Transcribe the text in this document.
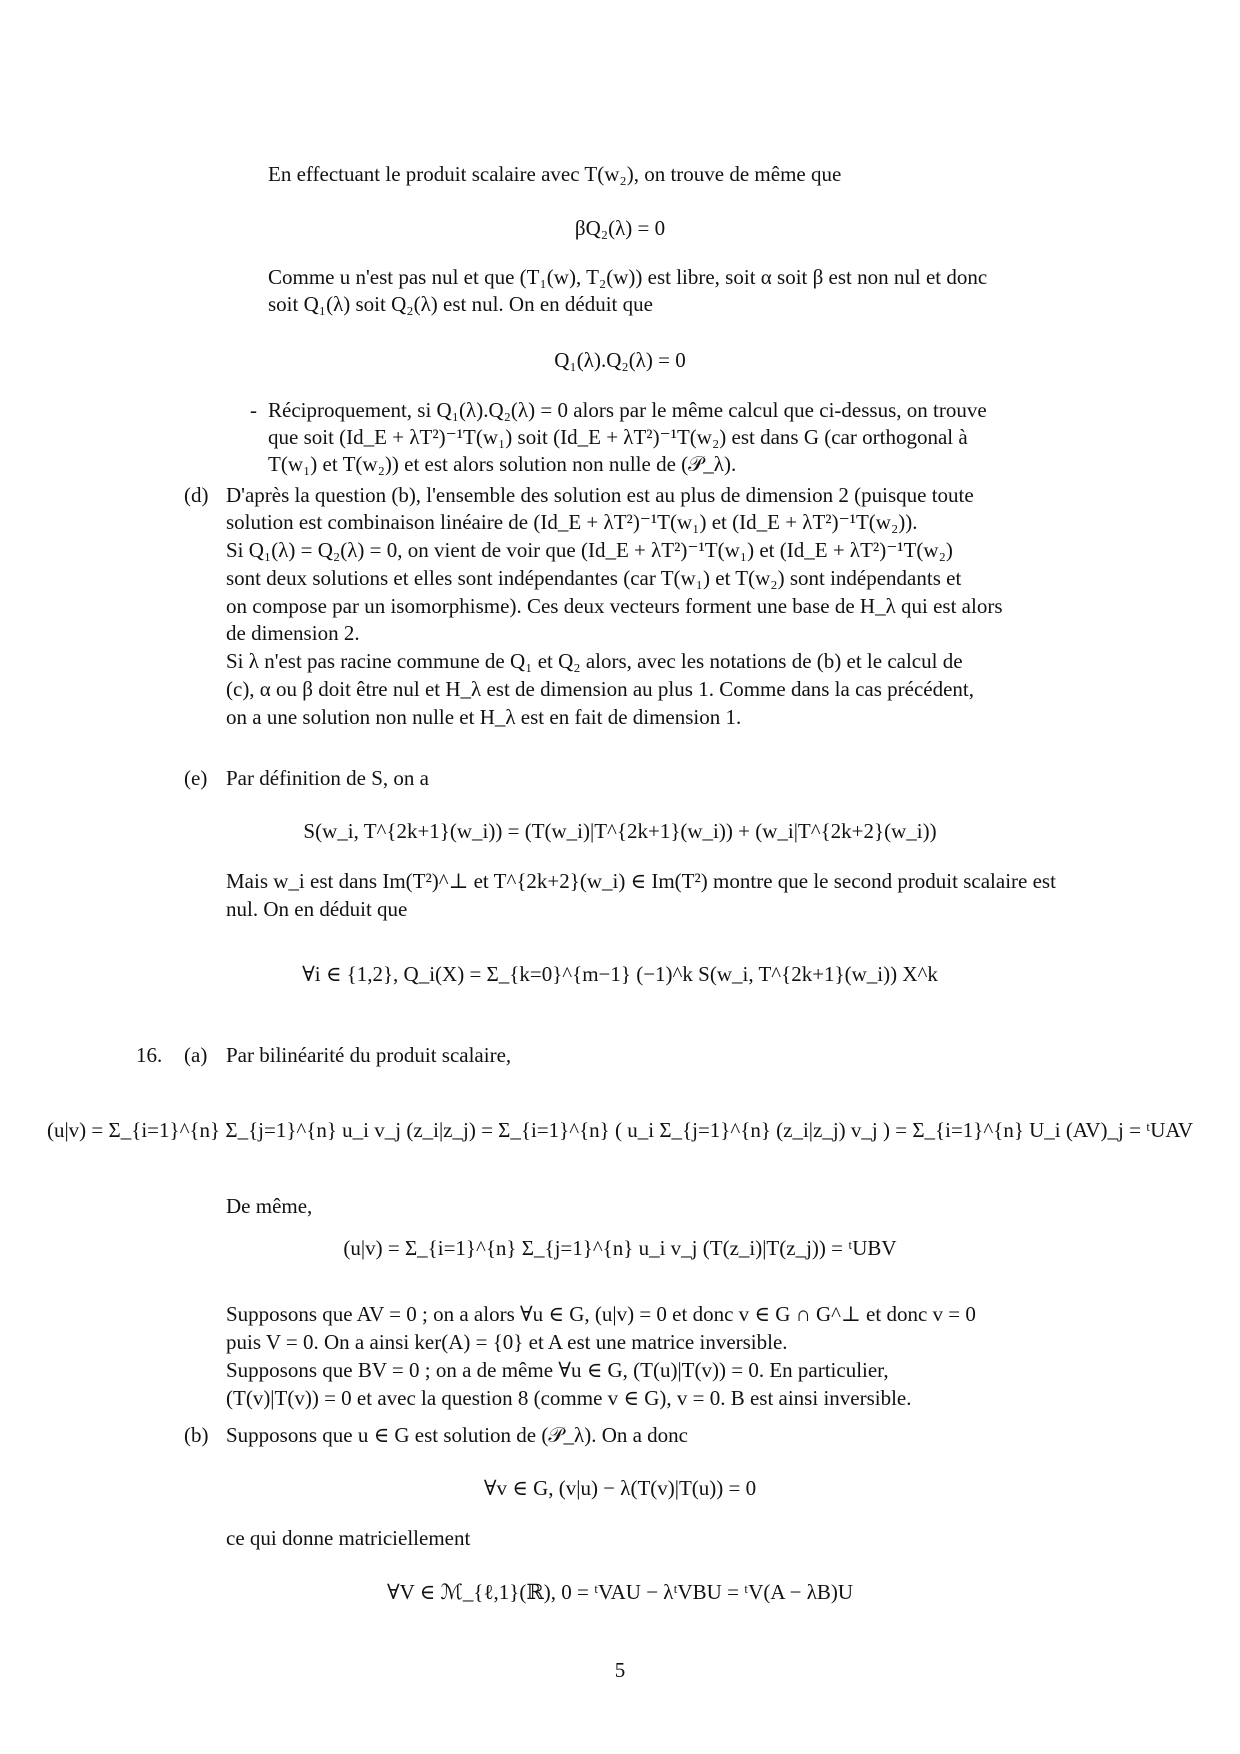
En effectuant le produit scalaire avec T(w₂), on trouve de même que
βQ₂(λ) = 0
Comme u n'est pas nul et que (T₁(w), T₂(w)) est libre, soit α soit β est non nul et donc
soit Q₁(λ) soit Q₂(λ) est nul. On en déduit que
Q₁(λ).Q₂(λ) = 0
- Réciproquement, si Q₁(λ).Q₂(λ) = 0 alors par le même calcul que ci-dessus, on trouve
que soit (Id_E + λT²)⁻¹T(w₁) soit (Id_E + λT²)⁻¹T(w₂) est dans G (car orthogonal à
T(w₁) et T(w₂)) et est alors solution non nulle de (𝒫_λ).
(d) D'après la question (b), l'ensemble des solution est au plus de dimension 2 (puisque toute
solution est combinaison linéaire de (Id_E + λT²)⁻¹T(w₁) et (Id_E + λT²)⁻¹T(w₂)).
Si Q₁(λ) = Q₂(λ) = 0, on vient de voir que (Id_E + λT²)⁻¹T(w₁) et (Id_E + λT²)⁻¹T(w₂)
sont deux solutions et elles sont indépendantes (car T(w₁) et T(w₂) sont indépendants et
on compose par un isomorphisme). Ces deux vecteurs forment une base de H_λ qui est alors
de dimension 2.
Si λ n'est pas racine commune de Q₁ et Q₂ alors, avec les notations de (b) et le calcul de
(c), α ou β doit être nul et H_λ est de dimension au plus 1. Comme dans la cas précédent,
on a une solution non nulle et H_λ est en fait de dimension 1.
(e) Par définition de S, on a
S(w_i, T^{2k+1}(w_i)) = (T(w_i)|T^{2k+1}(w_i)) + (w_i|T^{2k+2}(w_i))
Mais w_i est dans Im(T²)^⊥ et T^{2k+2}(w_i) ∈ Im(T²) montre que le second produit scalaire est
nul. On en déduit que
∀i ∈ {1,2}, Q_i(X) = Σ_{k=0}^{m−1} (−1)^k S(w_i, T^{2k+1}(w_i)) X^k
16. (a) Par bilinéarité du produit scalaire,
(u|v) = Σ_{i=1}^{n} Σ_{j=1}^{n} u_i v_j (z_i|z_j) = Σ_{i=1}^{n} ( u_i Σ_{j=1}^{n} (z_i|z_j) v_j ) = Σ_{i=1}^{n} U_i (AV)_j = ᵗUAV
De même,
(u|v) = Σ_{i=1}^{n} Σ_{j=1}^{n} u_i v_j (T(z_i)|T(z_j)) = ᵗUBV
Supposons que AV = 0 ; on a alors ∀u ∈ G, (u|v) = 0 et donc v ∈ G ∩ G^⊥ et donc v = 0
puis V = 0. On a ainsi ker(A) = {0} et A est une matrice inversible.
Supposons que BV = 0 ; on a de même ∀u ∈ G, (T(u)|T(v)) = 0. En particulier,
(T(v)|T(v)) = 0 et avec la question 8 (comme v ∈ G), v = 0. B est ainsi inversible.
(b) Supposons que u ∈ G est solution de (𝒫_λ). On a donc
∀v ∈ G, (v|u) − λ(T(v)|T(u)) = 0
ce qui donne matriciellement
∀V ∈ ℳ_{ℓ,1}(ℝ), 0 = ᵗVAU − λᵗVBU = ᵗV(A − λB)U
5
